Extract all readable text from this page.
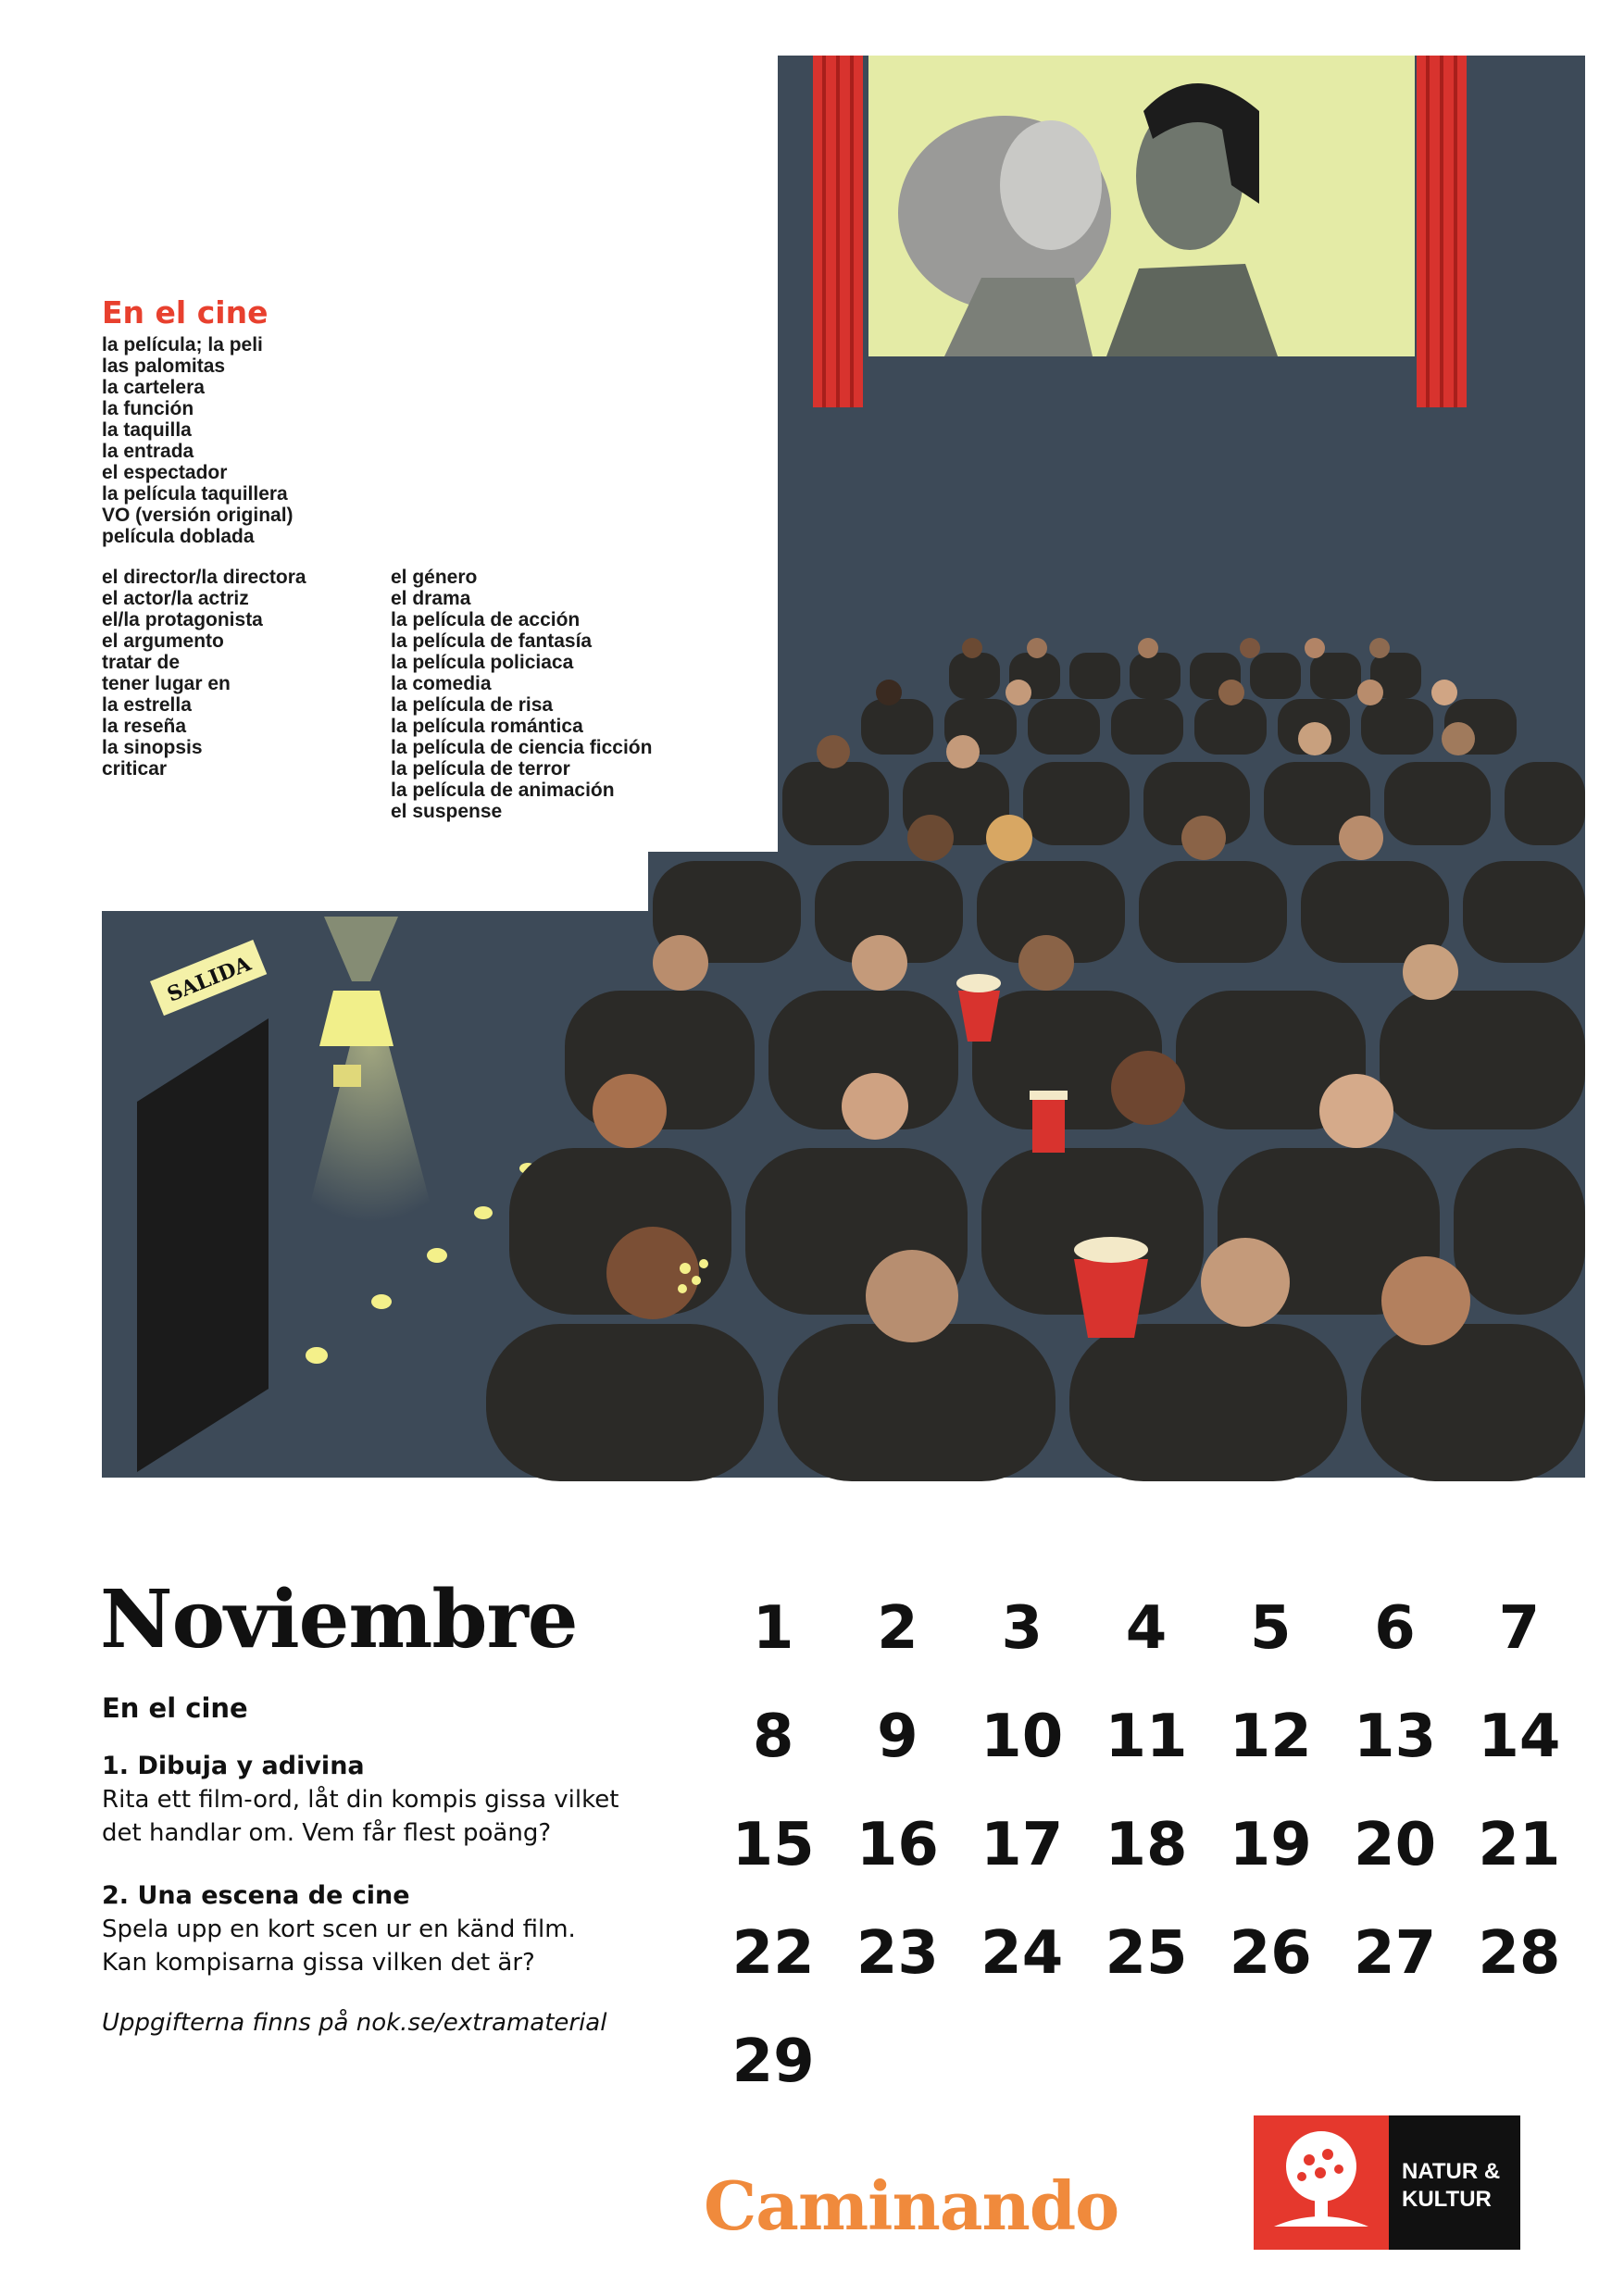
SALIDA
En el cine
la película; la peli
las palomitas
la cartelera
la función
la taquilla
la entrada
el espectador
la película taquillera
VO (versión original)
película doblada
el director/la directora
el actor/la actriz
el/la protagonista
el argumento
tratar de
tener lugar en
la estrella
la reseña
la sinopsis
criticar
el género
el drama
la película de acción
la película de fantasía
la película policiaca
la comedia
la película de risa
la película romántica
la película de ciencia ficción
la película de terror
la película de animación
el suspense
Noviembre
En el cine

1. Dibuja y adivina

Rita ett film-ord, låt din kompis gissa vilket
det handlar om. Vem får flest poäng?

2. Una escena de cine

Spela upp en kort scen ur en känd film.
Kan kompisarna gissa vilken det är?

Uppgifterna finns på nok.se/extramaterial

1	2	3	4	5	6	7
8	9	10 11 12 13 14
15 16 17 18 19 20 21
22 23 24 25 26 27 28
29

Caminando	NATUR & KULTUR
